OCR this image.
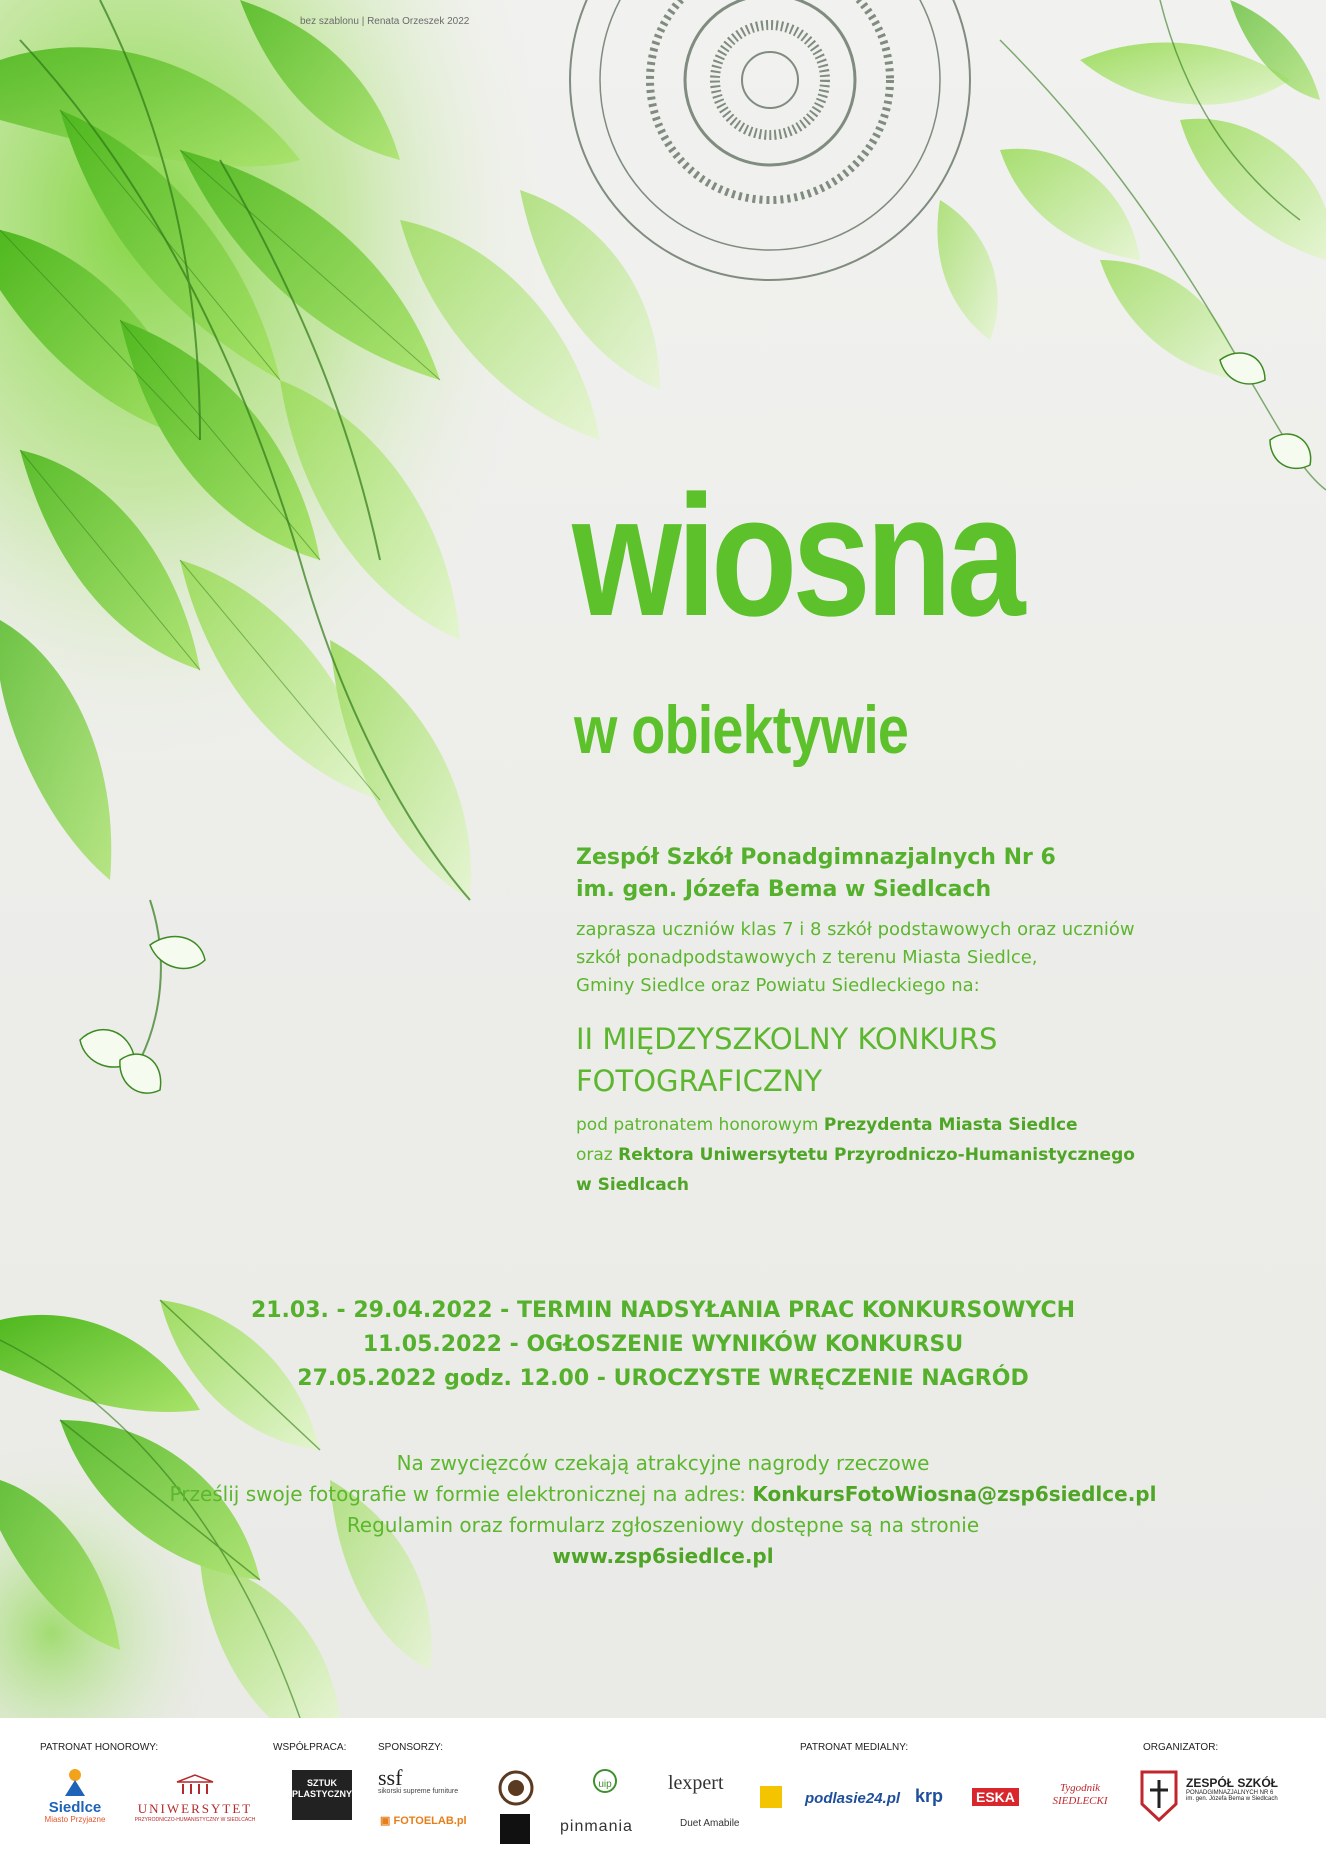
bez szablonu | Renata Orzeszek 2022
wiosna
w obiektywie
Zespół Szkół Ponadgimnazjalnych Nr 6
im. gen. Józefa Bema w Siedlcach
zaprasza uczniów klas 7 i 8 szkół podstawowych oraz uczniów
szkół ponadpodstawowych z terenu Miasta Siedlce,
Gminy Siedlce oraz Powiatu Siedleckiego na:
II MIĘDZYSZKOLNY KONKURS
FOTOGRAFICZNY
pod patronatem honorowym Prezydenta Miasta Siedlce
oraz Rektora Uniwersytetu Przyrodniczo-Humanistycznego
w Siedlcach
21.03. - 29.04.2022 - TERMIN NADSYŁANIA PRAC KONKURSOWYCH
11.05.2022 - OGŁOSZENIE WYNIKÓW KONKURSU
27.05.2022 godz. 12.00 - UROCZYSTE WRĘCZENIE NAGRÓD
Na zwycięzców czekają atrakcyjne nagrody rzeczowe
Prześlij swoje fotografie w formie elektronicznej na adres: KonkursFotoWiosna@zsp6siedlce.pl
Regulamin oraz formularz zgłoszeniowy dostępne są na stronie
www.zsp6siedlce.pl
PATRONAT HONOROWY:	WSPÓŁPRACA:	SPONSORZY:	PATRONAT MEDIALNY:	ORGANIZATOR:
Siedlce
Miasto Przyjazne
UNIWERSYTET
PRZYRODNICZO-HUMANISTYCZNY W SIEDLCACH
SZTUK PLASTYCZNYCH
ssf
sikorski supreme furniture
▣ FOTOELAB.pl
uip
pinmania
lexpert
Duet Amabile
podlasie24.pl krp ESKA
Tygodnik SIEDLECKI
ZESPÓŁ SZKÓŁ
PONADGIMNAZJALNYCH NR 6
im. gen. Józefa Bema w Siedlcach
